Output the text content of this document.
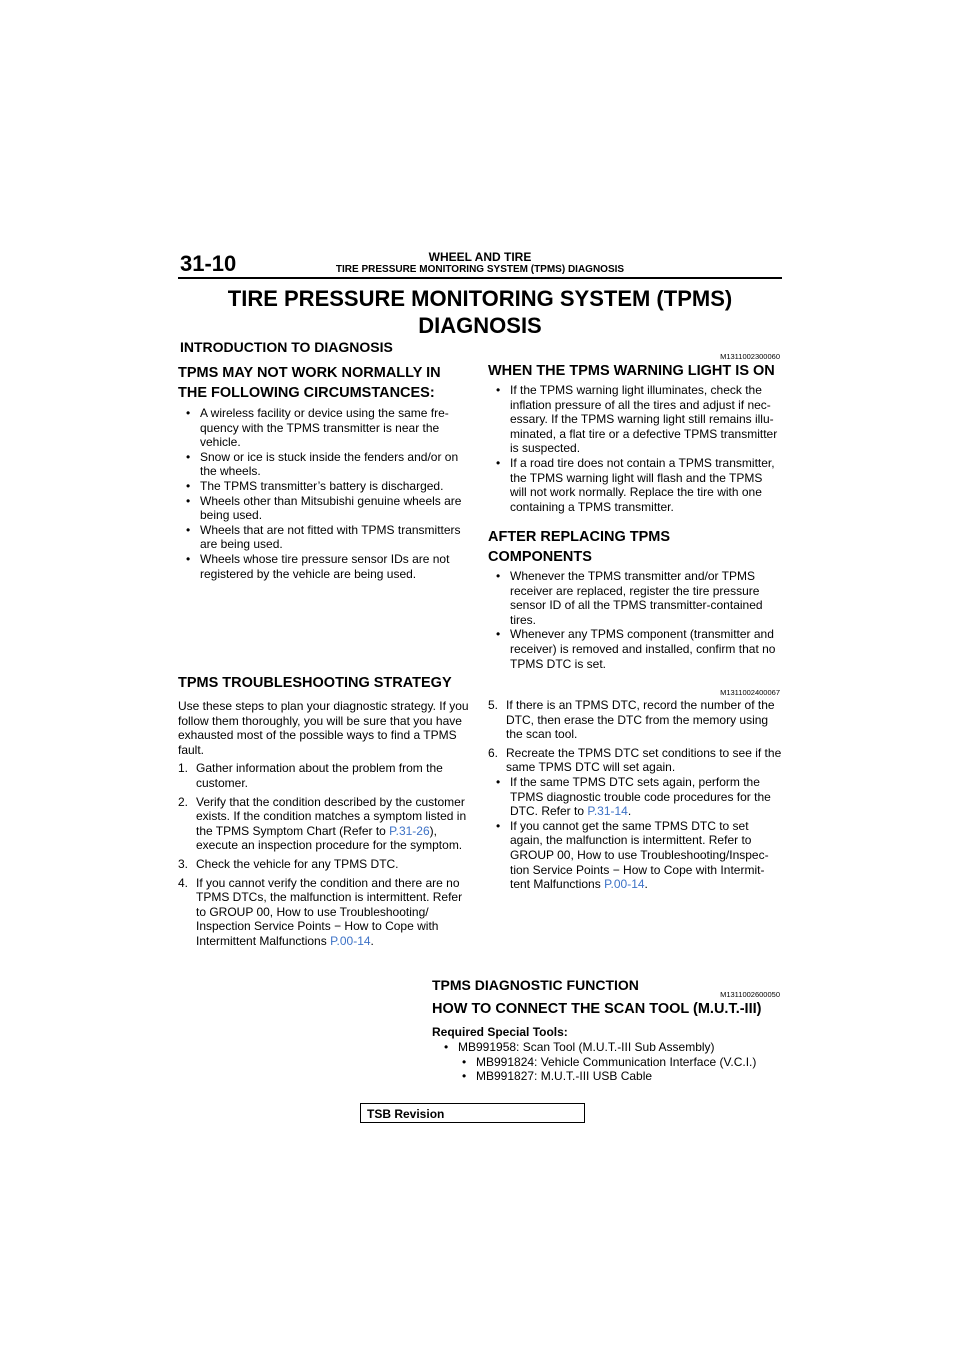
31-10	WHEEL AND TIRE
TIRE PRESSURE MONITORING SYSTEM (TPMS) DIAGNOSIS
TIRE PRESSURE MONITORING SYSTEM (TPMS)
DIAGNOSIS
INTRODUCTION TO DIAGNOSIS
M1311002300060
TPMS MAY NOT WORK NORMALLY IN
THE FOLLOWING CIRCUMSTANCES:
• A wireless facility or device using the same fre-quency with the TPMS transmitter is near the vehicle.
• Snow or ice is stuck inside the fenders and/or on the wheels.
• The TPMS transmitter’s battery is discharged.
• Wheels other than Mitsubishi genuine wheels are being used.
• Wheels that are not fitted with TPMS transmitters are being used.
• Wheels whose tire pressure sensor IDs are not registered by the vehicle are being used.
WHEN THE TPMS WARNING LIGHT IS ON
• If the TPMS warning light illuminates, check the inflation pressure of all the tires and adjust if nec-essary. If the TPMS warning light still remains illu-minated, a flat tire or a defective TPMS transmitter is suspected.
• If a road tire does not contain a TPMS transmitter, the TPMS warning light will flash and the TPMS will not work normally. Replace the tire with one containing a TPMS transmitter.
AFTER REPLACING TPMS
COMPONENTS
• Whenever the TPMS transmitter and/or TPMS receiver are replaced, register the tire pressure sensor ID of all the TPMS transmitter-contained tires.
• Whenever any TPMS component (transmitter and receiver) is removed and installed, confirm that no TPMS DTC is set.
TPMS TROUBLESHOOTING STRATEGY
Use these steps to plan your diagnostic strategy. If you follow them thoroughly, you will be sure that you have exhausted most of the possible ways to find a TPMS fault.
1. Gather information about the problem from the customer.
2. Verify that the condition described by the customer exists. If the condition matches a symptom listed in the TPMS Symptom Chart (Refer to P.31-26), execute an inspection procedure for the symptom.
3. Check the vehicle for any TPMS DTC.
4. If you cannot verify the condition and there are no TPMS DTCs, the malfunction is intermittent. Refer to GROUP 00, How to use Troubleshooting/ Inspection Service Points − How to Cope with Intermittent Malfunctions P.00-14.
M1311002400067
5. If there is an TPMS DTC, record the number of the DTC, then erase the DTC from the memory using the scan tool.
6. Recreate the TPMS DTC set conditions to see if the same TPMS DTC will set again.
• If the same TPMS DTC sets again, perform the TPMS diagnostic trouble code procedures for the DTC. Refer to P.31-14.
• If you cannot get the same TPMS DTC to set again, the malfunction is intermittent. Refer to GROUP 00, How to use Troubleshooting/Inspec-tion Service Points − How to Cope with Intermit-tent Malfunctions P.00-14.
TPMS DIAGNOSTIC FUNCTION
M1311002600050
HOW TO CONNECT THE SCAN TOOL (M.U.T.-III)
Required Special Tools:
• MB991958: Scan Tool (M.U.T.-III Sub Assembly)
• MB991824: Vehicle Communication Interface (V.C.I.)
• MB991827: M.U.T.-III USB Cable
TSB Revision
